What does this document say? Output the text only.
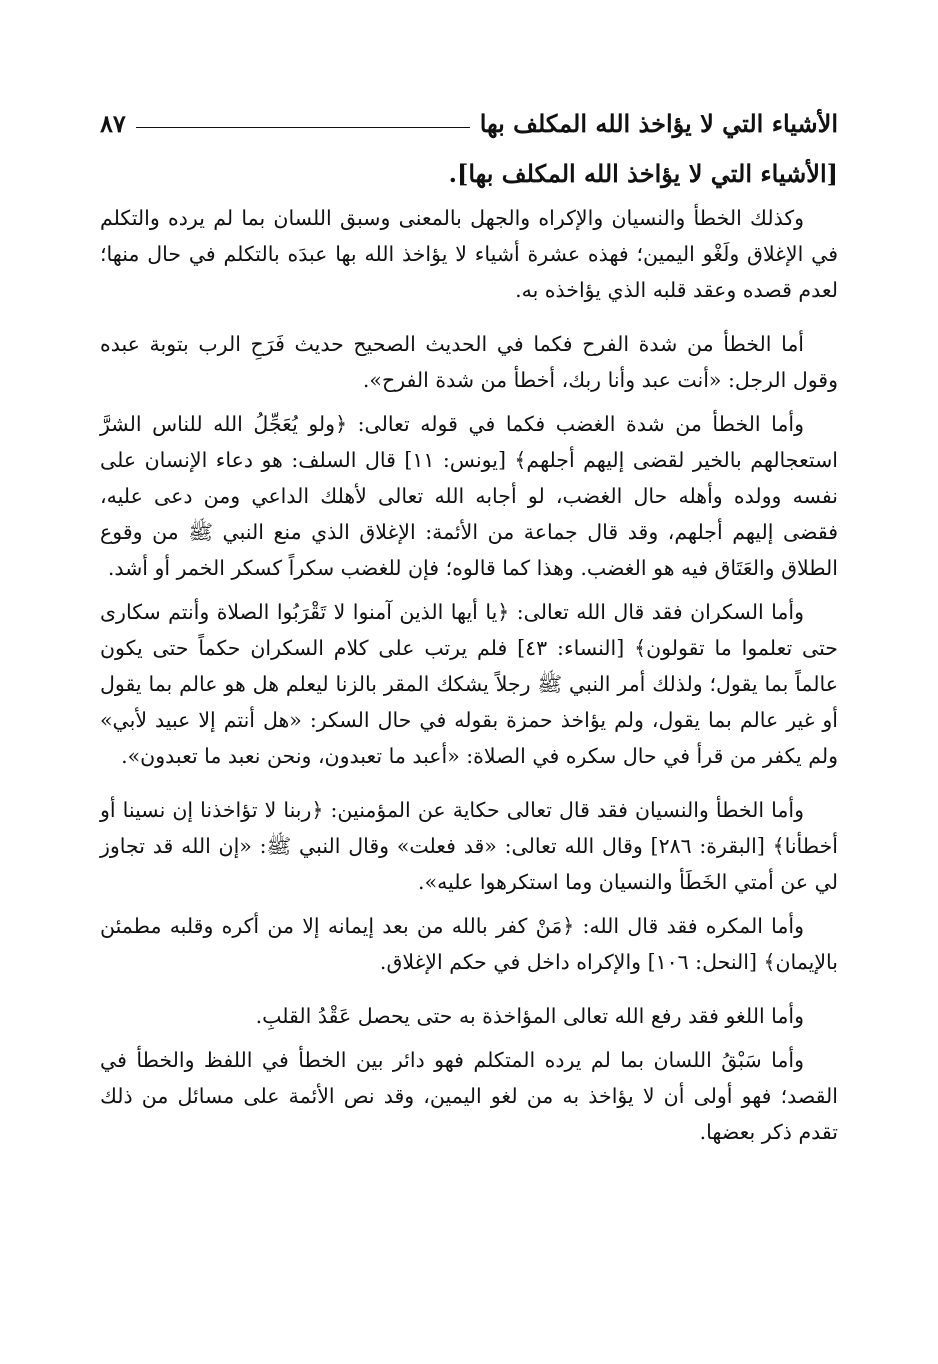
الأشياء التي لا يؤاخذ الله المكلف بها
٨٧
[الأشياء التي لا يؤاخذ الله المكلف بها].

وكذلك الخطأ والنسيان والإكراه والجهل بالمعنى وسبق اللسان بما لم يرده والتكلم في الإغلاق ولَغْو اليمين؛ فهذه عشرة أشياء لا يؤاخذ الله بها عبدَه بالتكلم في حال منها؛ لعدم قصده وعقد قلبه الذي يؤاخذه به.

أما الخطأ من شدة الفرح فكما في الحديث الصحيح حديث فَرَحِ الرب بتوبة عبده وقول الرجل: «أنت عبد وأنا ربك، أخطأ من شدة الفرح».

وأما الخطأ من شدة الغضب فكما في قوله تعالى: ﴿ولو يُعَجِّلُ الله للناس الشرَّ استعجالهم بالخير لقضى إليهم أجلهم﴾ [يونس: ١١] قال السلف: هو دعاء الإنسان على نفسه وولده وأهله حال الغضب، لو أجابه الله تعالى لأهلك الداعي ومن دعى عليه، فقضى إليهم أجلهم، وقد قال جماعة من الأئمة: الإغلاق الذي منع النبي ﷺ من وقوع الطلاق والعَتَاق فيه هو الغضب. وهذا كما قالوه؛ فإن للغضب سكراً كسكر الخمر أو أشد.

وأما السكران فقد قال الله تعالى: ﴿يا أيها الذين آمنوا لا تَقْرَبُوا الصلاة وأنتم سكارى حتى تعلموا ما تقولون﴾ [النساء: ٤٣] فلم يرتب على كلام السكران حكماً حتى يكون عالماً بما يقول؛ ولذلك أمر النبي ﷺ رجلاً يشكك المقر بالزنا ليعلم هل هو عالم بما يقول أو غير عالم بما يقول، ولم يؤاخذ حمزة بقوله في حال السكر: «هل أنتم إلا عبيد لأبي» ولم يكفر من قرأ في حال سكره في الصلاة: «أعبد ما تعبدون، ونحن نعبد ما تعبدون».

وأما الخطأ والنسيان فقد قال تعالى حكاية عن المؤمنين: ﴿ربنا لا تؤاخذنا إن نسينا أو أخطأنا﴾ [البقرة: ٢٨٦] وقال الله تعالى: «قد فعلت» وقال النبي ﷺ: «إن الله قد تجاوز لي عن أمتي الخَطَأ والنسيان وما استكرهوا عليه».

وأما المكره فقد قال الله: ﴿مَنْ كفر بالله من بعد إيمانه إلا من أكره وقلبه مطمئن بالإيمان﴾ [النحل: ١٠٦] والإكراه داخل في حكم الإغلاق.

وأما اللغو فقد رفع الله تعالى المؤاخذة به حتى يحصل عَقْدُ القلبِ.

وأما سَبْقُ اللسان بما لم يرده المتكلم فهو دائر بين الخطأ في اللفظ والخطأ في القصد؛ فهو أولى أن لا يؤاخذ به من لغو اليمين، وقد نص الأئمة على مسائل من ذلك تقدم ذكر بعضها.
